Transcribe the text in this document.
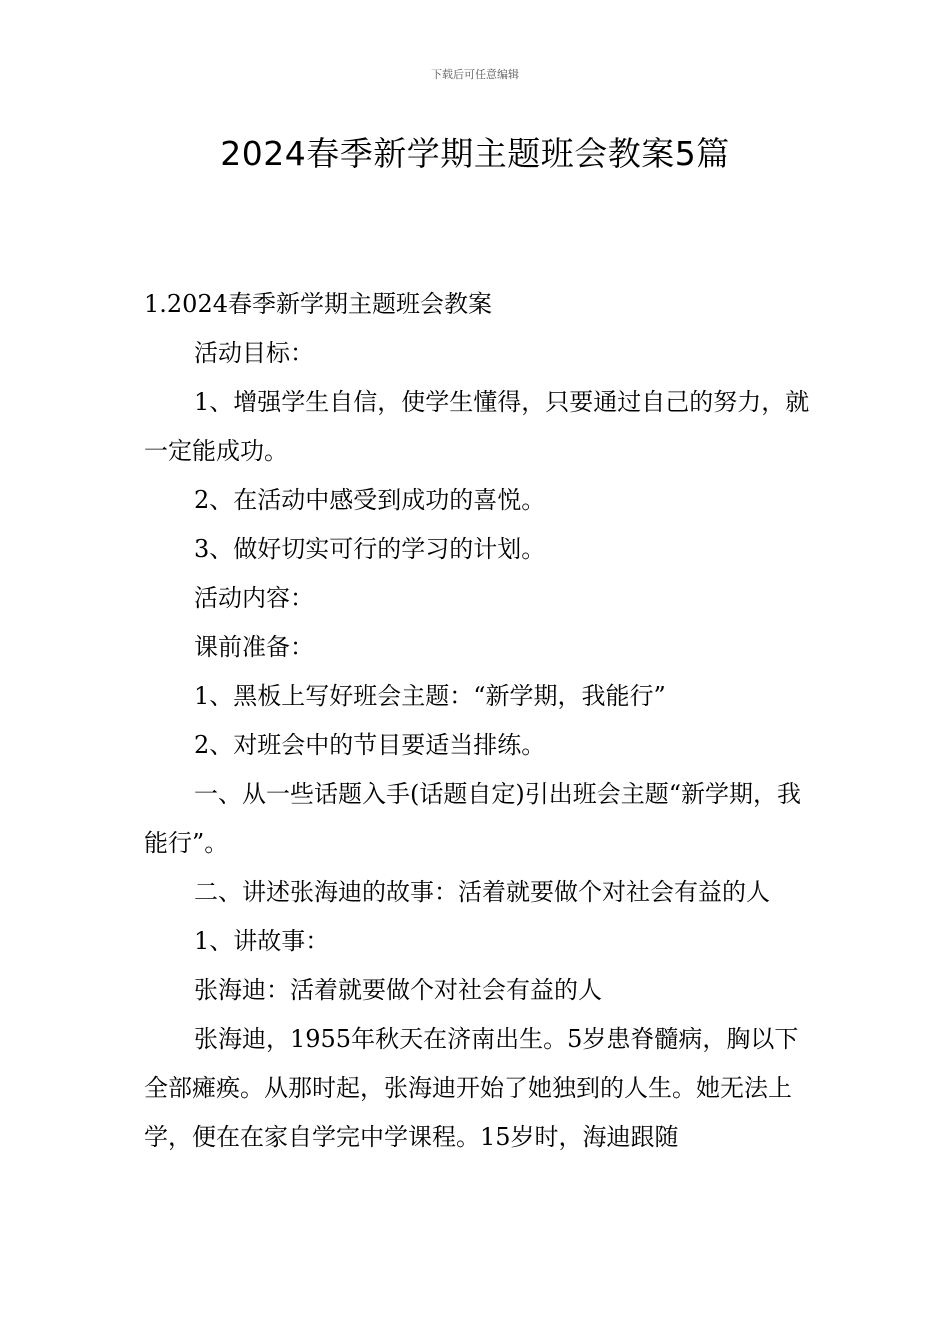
下载后可任意编辑
2024春季新学期主题班会教案5篇

1.2024春季新学期主题班会教案

活动目标：

1、增强学生自信，使学生懂得，只要通过自己的努力，就一定能成功。

2、在活动中感受到成功的喜悦。

3、做好切实可行的学习的计划。

活动内容：

课前准备：

1、黑板上写好班会主题：“新学期，我能行”

2、对班会中的节目要适当排练。

一、从一些话题入手(话题自定)引出班会主题“新学期，我能行”。

二、讲述张海迪的故事：活着就要做个对社会有益的人

1、讲故事：

张海迪：活着就要做个对社会有益的人

张海迪，1955年秋天在济南出生。5岁患脊髓病，胸以下全部瘫痪。从那时起，张海迪开始了她独到的人生。她无法上学，便在在家自学完中学课程。15岁时，海迪跟随
